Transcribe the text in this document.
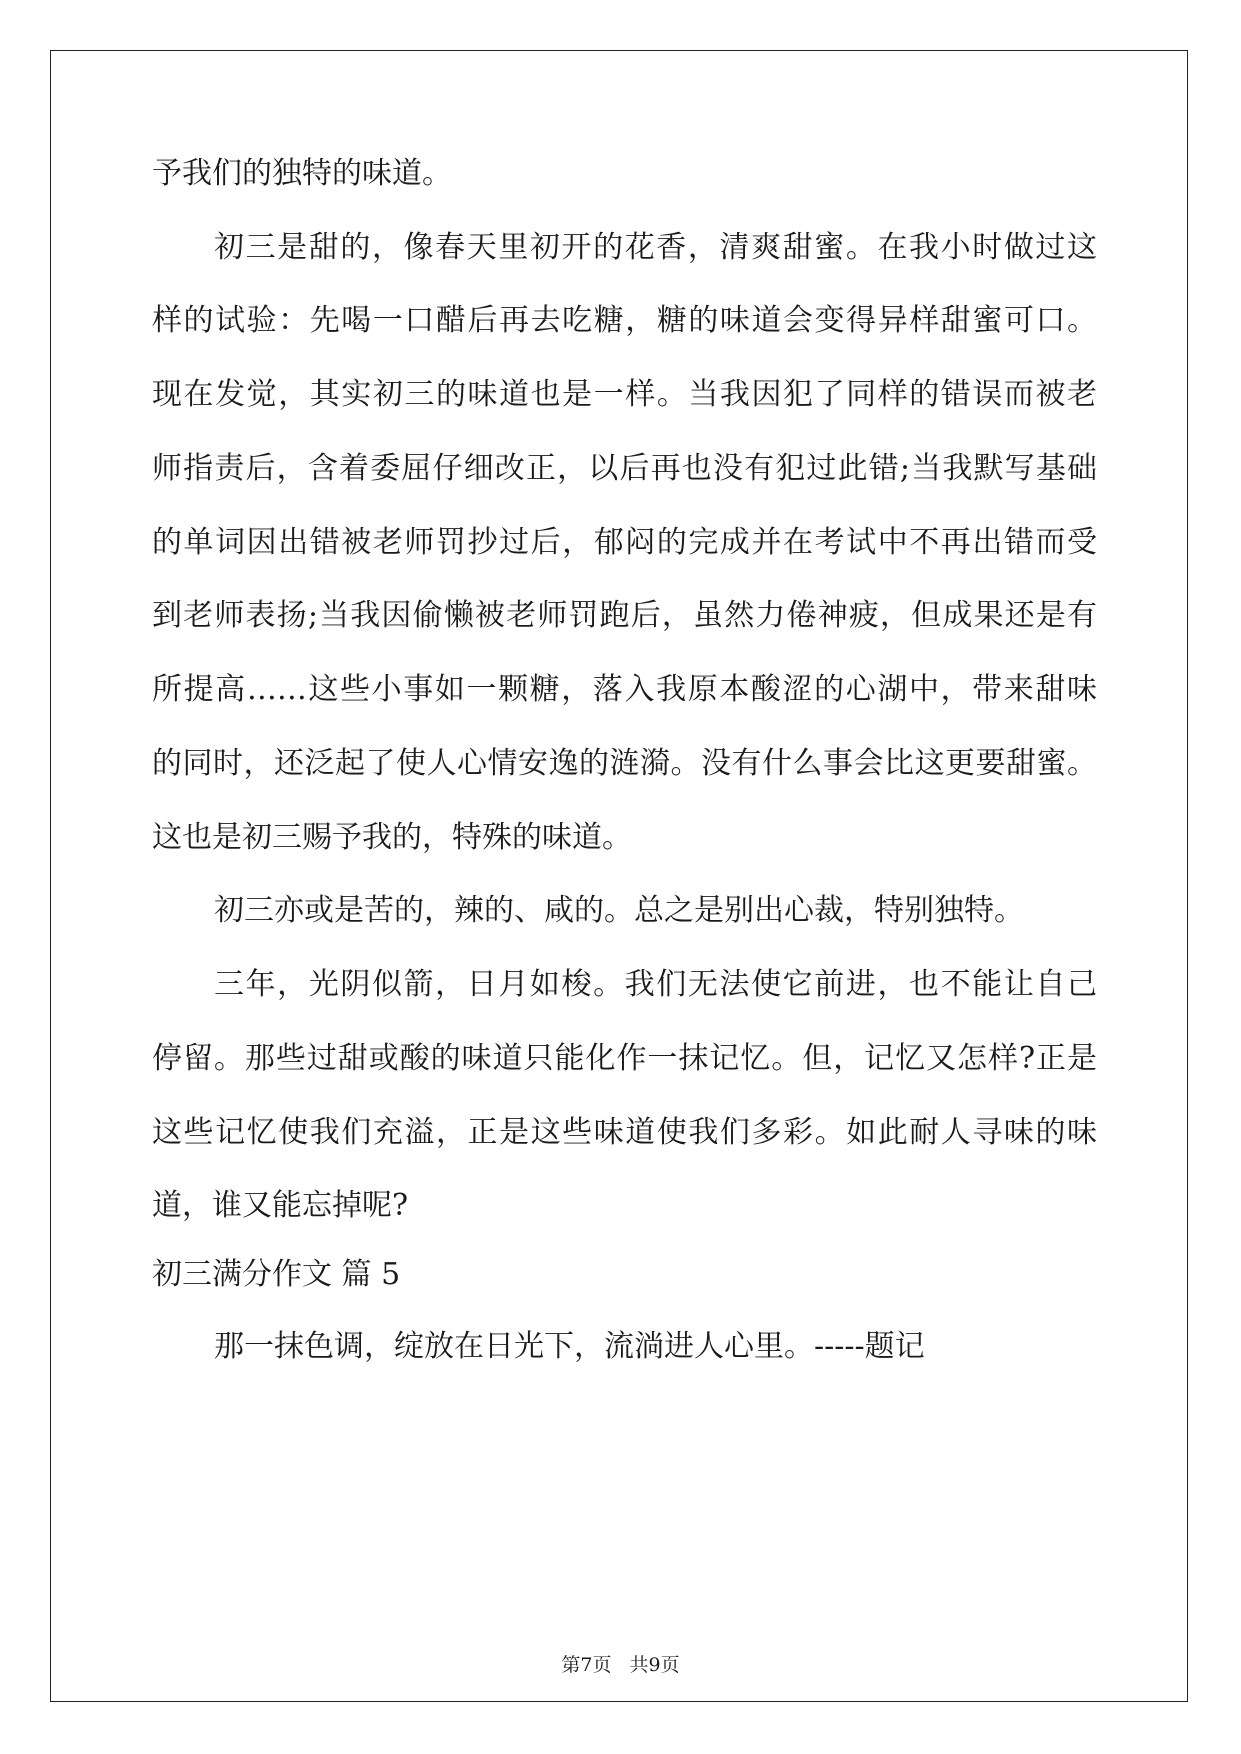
予我们的独特的味道。
初三是甜的，像春天里初开的花香，清爽甜蜜。在我小时做过这
样的试验：先喝一口醋后再去吃糖，糖的味道会变得异样甜蜜可口。
现在发觉，其实初三的味道也是一样。当我因犯了同样的错误而被老
师指责后，含着委屈仔细改正，以后再也没有犯过此错;当我默写基础
的单词因出错被老师罚抄过后，郁闷的完成并在考试中不再出错而受
到老师表扬;当我因偷懒被老师罚跑后，虽然力倦神疲，但成果还是有
所提高……这些小事如一颗糖，落入我原本酸涩的心湖中，带来甜味
的同时，还泛起了使人心情安逸的涟漪。没有什么事会比这更要甜蜜。
这也是初三赐予我的，特殊的味道。
初三亦或是苦的，辣的、咸的。总之是别出心裁，特别独特。
三年，光阴似箭，日月如梭。我们无法使它前进，也不能让自己
停留。那些过甜或酸的味道只能化作一抹记忆。但，记忆又怎样?正是
这些记忆使我们充溢，正是这些味道使我们多彩。如此耐人寻味的味
道，谁又能忘掉呢?
初三满分作文 篇 5
那一抹色调，绽放在日光下，流淌进人心里。-----题记
第7页 共9页
